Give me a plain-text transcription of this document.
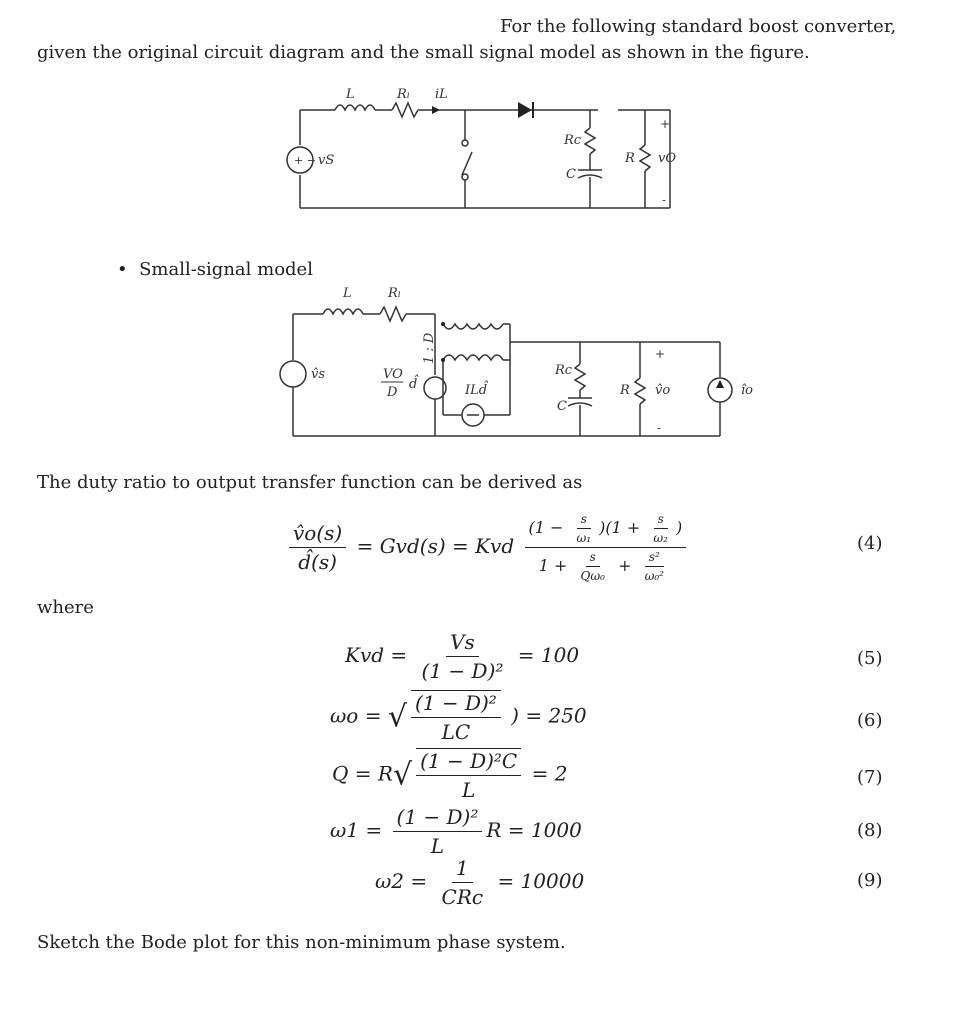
For the following standard boost converter,
given the original circuit diagram and the small signal model as shown in the figure.
L	Rₗ iL
vS
Rc
C
R vO
+
-
+ −
• Small-signal model
L	Rₗ
v̂s
1 : D
VO
D
d̂	ILd̂
Rc
C
R v̂o	îo
+
-
The duty ratio to output transfer function can be derived as
$\frac{v̂o(s)}{d̂(s)} = Gvd(s)$ = Kvd $\frac{(1 - \frac{s}{\text{ω₁}} )(1 + \frac{s}{\text{ω₂}} )}{1 + \frac{s}{\text{Qω₀}} + \frac{\text{s²}}{\text{ω₀²}}}$	(4)
where
Kvd = $\frac{Vs}{\text{(1 − D)²}} = 100$	(5)
ωo = √ $\frac{\text{(1 − D)²}}{LC}$ ) = 250	(6)
$Q = R√ \frac{\text{(1 − D)²C}}{L} = 2$	(7)
$\omega 1 = \frac{\text{(1 − D)²}}{L}$ R = 1000	(8)
$\omega 2 = \frac{1}{\text{CRc}} = 10000$	(9)
Sketch the Bode plot for this non-minimum phase system.
